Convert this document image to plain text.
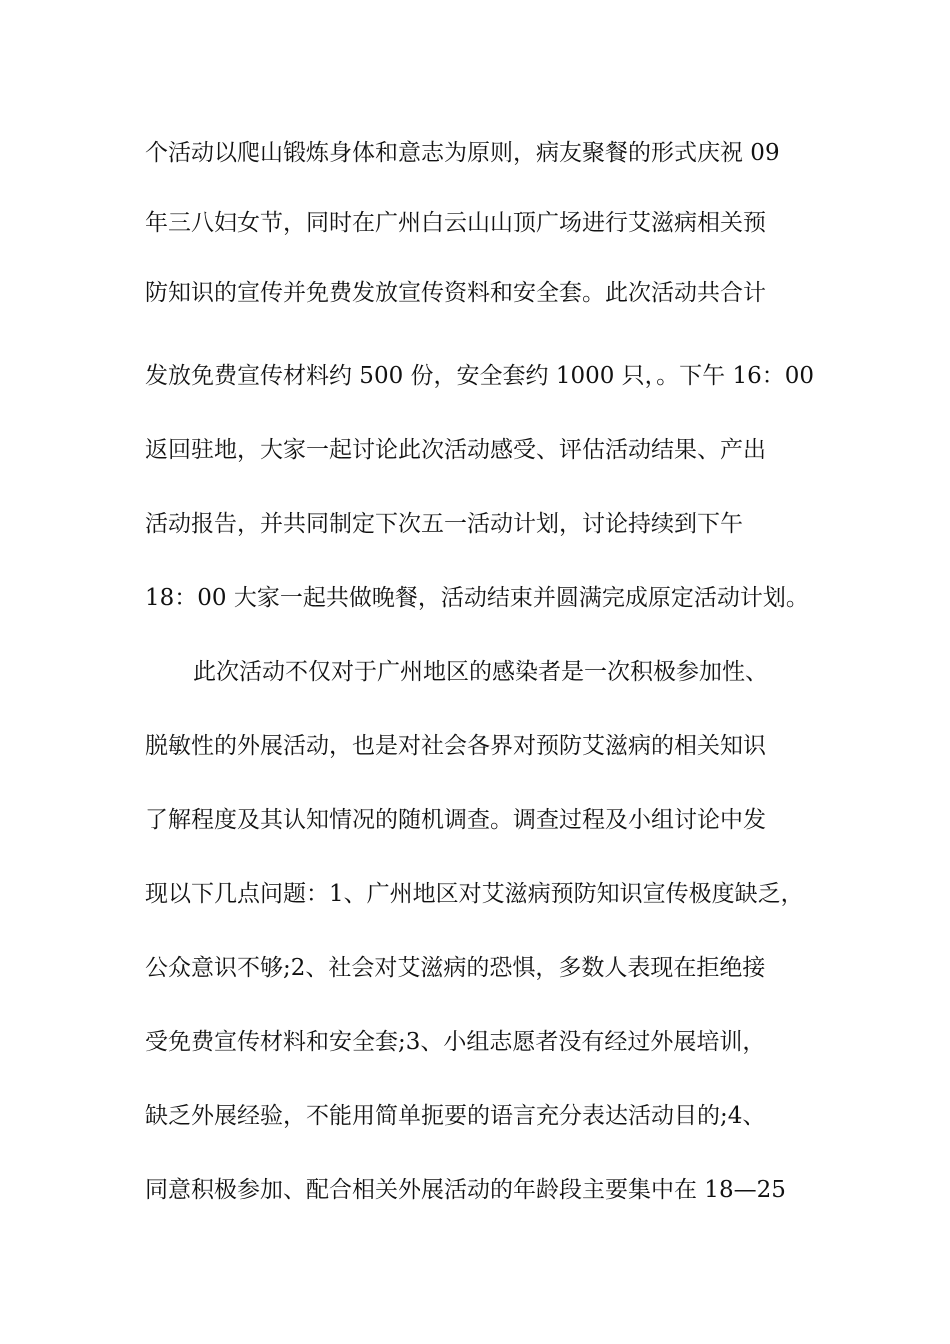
个活动以爬山锻炼身体和意志为原则，病友聚餐的形式庆祝 09
年三八妇女节，同时在广州白云山山顶广场进行艾滋病相关预
防知识的宣传并免费发放宣传资料和安全套。此次活动共合计
发放免费宣传材料约 500 份，安全套约 1000 只，。下午 16：00
返回驻地，大家一起讨论此次活动感受、评估活动结果、产出
活动报告，并共同制定下次五一活动计划，讨论持续到下午
18：00 大家一起共做晚餐，活动结束并圆满完成原定活动计划。
此次活动不仅对于广州地区的感染者是一次积极参加性、
脱敏性的外展活动，也是对社会各界对预防艾滋病的相关知识
了解程度及其认知情况的随机调查。调查过程及小组讨论中发
现以下几点问题：1、广州地区对艾滋病预防知识宣传极度缺乏，
公众意识不够;2、社会对艾滋病的恐惧，多数人表现在拒绝接
受免费宣传材料和安全套;3、小组志愿者没有经过外展培训，
缺乏外展经验，不能用简单扼要的语言充分表达活动目的;4、
同意积极参加、配合相关外展活动的年龄段主要集中在 18—25
